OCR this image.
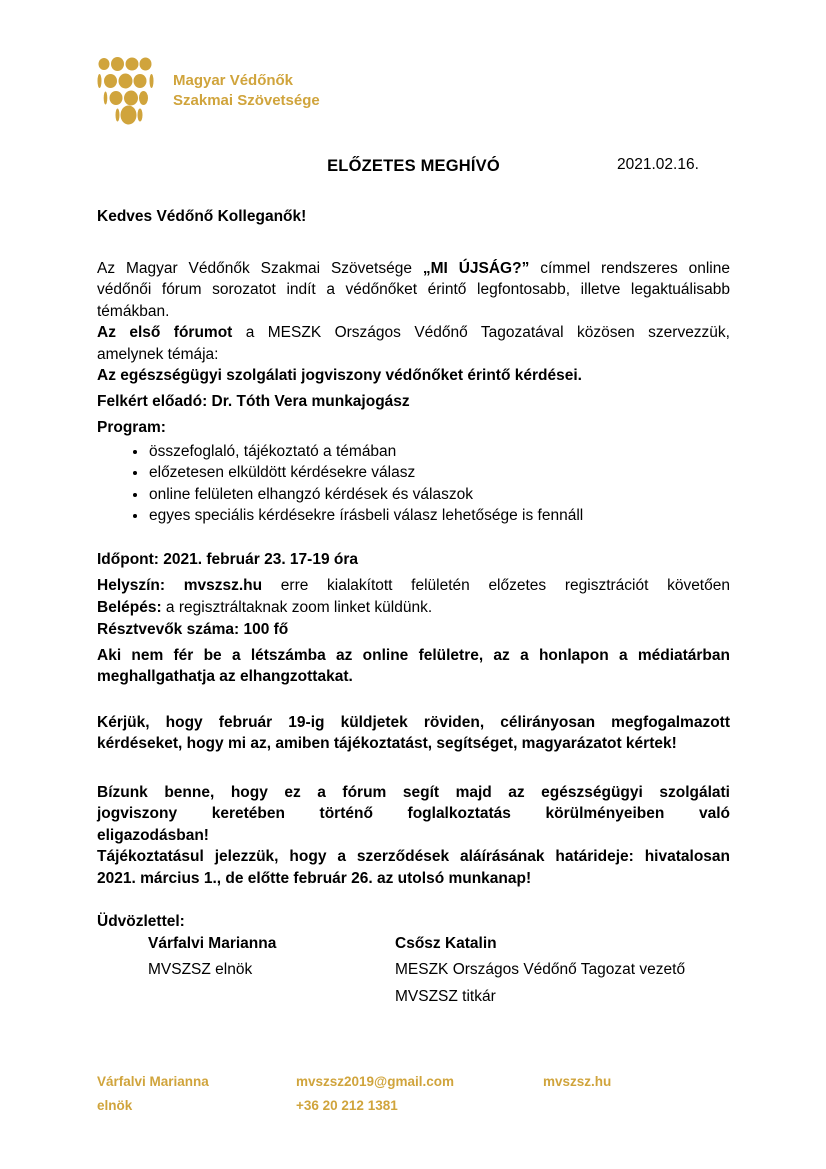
Magyar Védőnők
Szakmai Szövetsége
ELŐZETES MEGHÍVÓ	2021.02.16.
Kedves Védőnő Kolleganők!
Az Magyar Védőnők Szakmai Szövetsége „MI ÚJSÁG?” címmel rendszeres online
védőnői fórum sorozatot indít a védőnőket érintő legfontosabb, illetve legaktuálisabb
témákban.
Az első fórumot a MESZK Országos Védőnő Tagozatával közösen szervezzük,
amelynek témája:
Az egészségügyi szolgálati jogviszony védőnőket érintő kérdései.
Felkért előadó: Dr. Tóth Vera munkajogász
Program:
• összefoglaló, tájékoztató a témában
• előzetesen elküldött kérdésekre válasz
• online felületen elhangzó kérdések és válaszok
• egyes speciális kérdésekre írásbeli válasz lehetősége is fennáll
Időpont: 2021. február 23. 17-19 óra
Helyszín: mvszsz.hu erre kialakított felületén előzetes regisztrációt követően
Belépés: a regisztráltaknak zoom linket küldünk.
Résztvevők száma: 100 fő
Aki nem fér be a létszámba az online felületre, az a honlapon a médiatárban
meghallgathatja az elhangzottakat.
Kérjük, hogy február 19-ig küldjetek röviden, célirányosan megfogalmazott
kérdéseket, hogy mi az, amiben tájékoztatást, segítséget, magyarázatot kértek!
Bízunk benne, hogy ez a fórum segít majd az egészségügyi szolgálati
jogviszony keretében történő foglalkoztatás körülményeiben való
eligazodásban!
Tájékoztatásul jelezzük, hogy a szerződések aláírásának határideje: hivatalosan
2021. március 1., de előtte február 26. az utolsó munkanap!
Üdvözlettel:
Várfalvi Marianna
MVSZSZ elnök
Csősz Katalin
MESZK Országos Védőnő Tagozat vezető
MVSZSZ titkár
Várfalvi Marianna
elnök
mvszsz2019@gmail.com
+36 20 212 1381
mvszsz.hu
